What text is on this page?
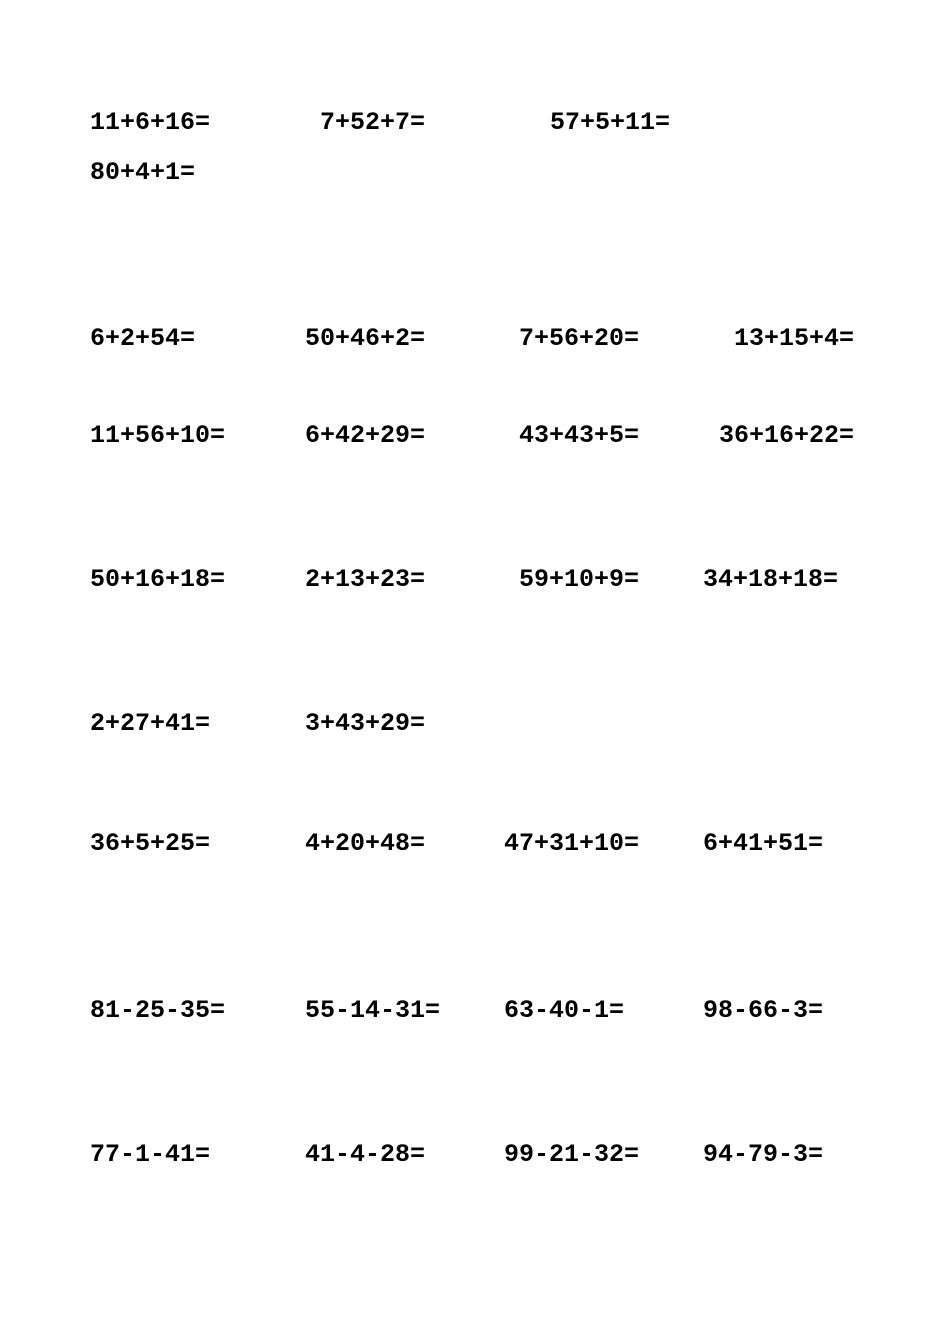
11+6+16=	7+52+7=	57+5+11=
80+4+1=
6+2+54=	50+46+2=	7+56+20=	13+15+4=
11+56+10=	6+42+29=	43+43+5=	36+16+22=
50+16+18=	2+13+23=	59+10+9=	34+18+18=
2+27+41=	3+43+29=
36+5+25=	4+20+48=	47+31+10=	6+41+51=
81-25-35=	55-14-31=	63-40-1=	98-66-3=
77-1-41=	41-4-28=	99-21-32=	94-79-3=
